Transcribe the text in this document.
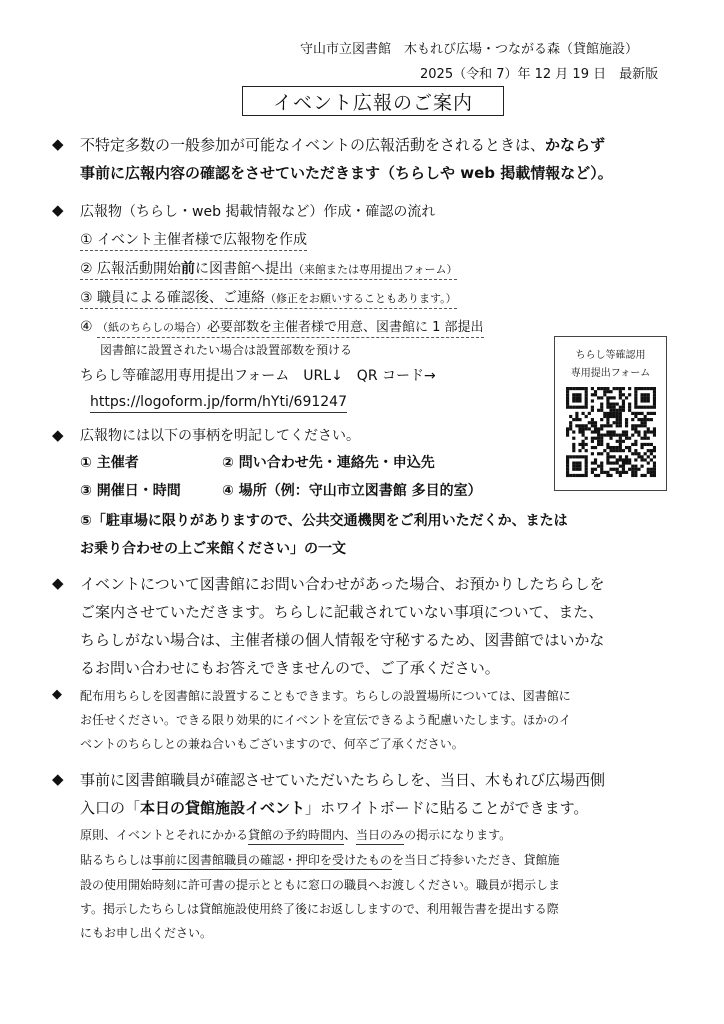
守山市立図書館　木もれび広場・つながる森（貸館施設）
2025（令和 7）年 12 月 19 日　最新版
イベント広報のご案内
◆ 不特定多数の一般参加が可能なイベントの広報活動をされるときは、かならず
事前に広報内容の確認をさせていただきます（ちらしや web 掲載情報など）。
◆ 広報物（ちらし・web 掲載情報など）作成・確認の流れ
① イベント主催者様で広報物を作成
② 広報活動開始前に図書館へ提出（来館または専用提出フォーム）
③ 職員による確認後、ご連絡（修正をお願いすることもあります。）
④ （紙のちらしの場合）必要部数を主催者様で用意、図書館に 1 部提出
図書館に設置されたい場合は設置部数を預ける
ちらし等確認用専用提出フォーム　URL↓　QR コード→
https://logoform.jp/form/hYti/691247
ちらし等確認用
専用提出フォーム
◆ 広報物には以下の事柄を明記してください。
① 主催者	② 問い合わせ先・連絡先・申込先
③ 開催日・時間	④ 場所（例：守山市立図書館 多目的室）
⑤「駐車場に限りがありますので、公共交通機関をご利用いただくか、または
お乗り合わせの上ご来館ください」の一文
◆ イベントについて図書館にお問い合わせがあった場合、お預かりしたちらしを
ご案内させていただきます。ちらしに記載されていない事項について、また、
ちらしがない場合は、主催者様の個人情報を守秘するため、図書館ではいかな
るお問い合わせにもお答えできませんので、ご了承ください。
◆ 配布用ちらしを図書館に設置することもできます。ちらしの設置場所については、図書館に
お任せください。できる限り効果的にイベントを宣伝できるよう配慮いたします。ほかのイ
ベントのちらしとの兼ね合いもございますので、何卒ご了承ください。
◆ 事前に図書館職員が確認させていただいたちらしを、当日、木もれび広場西側
入口の「本日の貸館施設イベント」ホワイトボードに貼ることができます。
原則、イベントとそれにかかる貸館の予約時間内、当日のみの掲示になります。
貼るちらしは事前に図書館職員の確認・押印を受けたものを当日ご持参いただき、貸館施
設の使用開始時刻に許可書の提示とともに窓口の職員へお渡しください。職員が掲示しま
す。掲示したちらしは貸館施設使用終了後にお返ししますので、利用報告書を提出する際
にもお申し出ください。
